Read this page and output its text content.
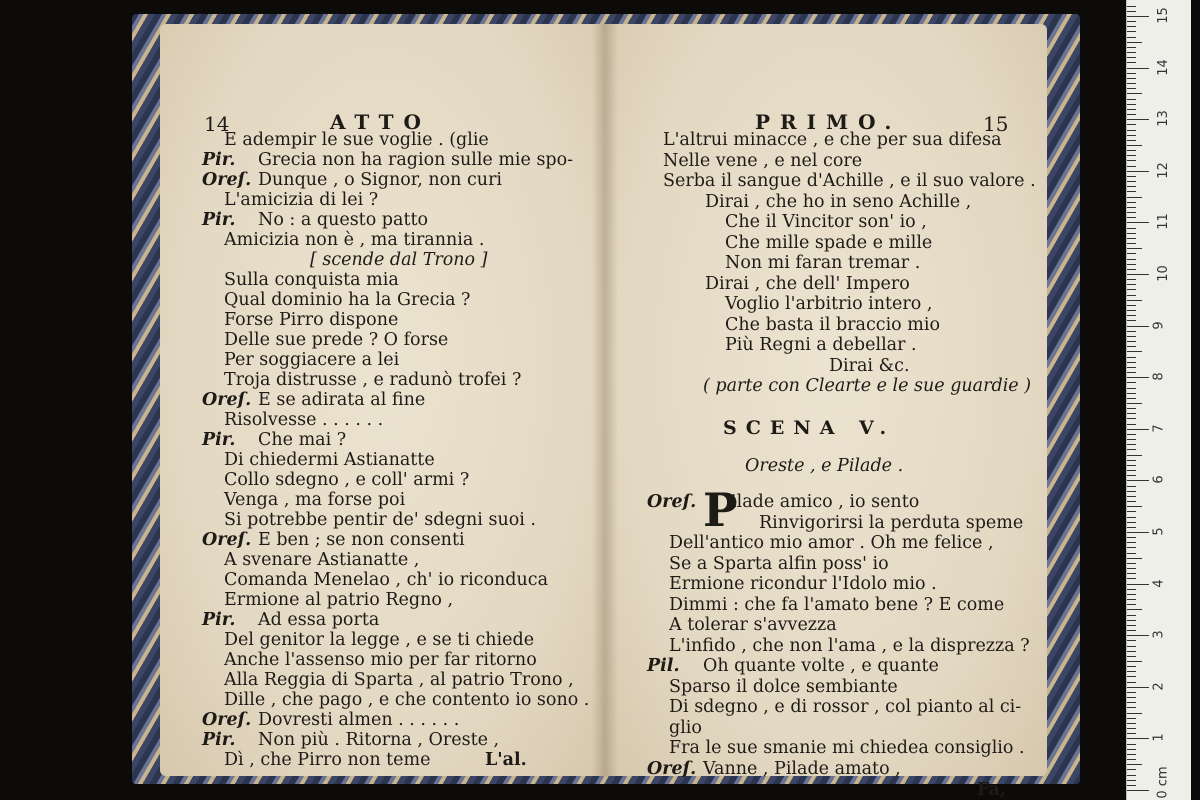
14	ATTO
E adempir le sue voglie . (glie
Pir. Grecia non ha ragion sulle mie spo-
Oreſ. Dunque , o Signor, non curi
L'amicizia di lei ?
Pir. No : a questo patto
Amicizia non è , ma tirannia .
[ scende dal Trono ]
Sulla conquista mia
Qual dominio ha la Grecia ?
Forse Pirro dispone
Delle sue prede ? O forse
Per soggiacere a lei
Troja distrusse , e radunò trofei ?
Oreſ. E se adirata al fine
Risolvesse . . . . . .
Pir. Che mai ?
Di chiedermi Astianatte
Collo sdegno , e coll' armi ?
Venga , ma forse poi
Si potrebbe pentir de' sdegni suoi .
Oreſ. E ben ; se non consenti
A svenare Astianatte ,
Comanda Menelao , ch' io riconduca
Ermione al patrio Regno ,
Pir. Ad essa porta
Del genitor la legge , e se ti chiede
Anche l'assenso mio per far ritorno
Alla Reggia di Sparta , al patrio Trono ,
Dille , che pago , e che contento io sono .
Oreſ. Dovresti almen . . . . . .
Pir. Non più . Ritorna , Oreste ,
Dì , che Pirro non teme	L'al.
PRIMO.	15
L'altrui minacce , e che per sua difesa
Nelle vene , e nel core
Serba il sangue d'Achille , e il suo valore .
Dirai , che ho in seno Achille ,
Che il Vincitor son' io ,
Che mille spade e mille
Non mi faran tremar .
Dirai , che dell' Impero
Voglio l'arbitrio intero ,
Che basta il braccio mio
Più Regni a debellar .
Dirai &c.
( parte con Clearte e le sue guardie )
SCENA V.
Oreste , e Pilade .
P
Oreſ. ilade amico , io sento
Rinvigorirsi la perduta speme
Dell'antico mio amor . Oh me felice ,
Se a Sparta alfin poss' io
Ermione ricondur l'Idolo mio .
Dimmi : che fa l'amato bene ? E come
A tolerar s'avvezza
L'infido , che non l'ama , e la disprezza ?
Pil. Oh quante volte , e quante
Sparso il dolce sembiante
Di sdegno , e di rossor , col pianto al ci-
glio
Fra le sue smanie mi chiedea consiglio .
Oreſ. Vanne , Pilade amato ,
Fa,	0 cm
1
2
3
4
5
6
7
8
9
10
11
12
13
14
15
